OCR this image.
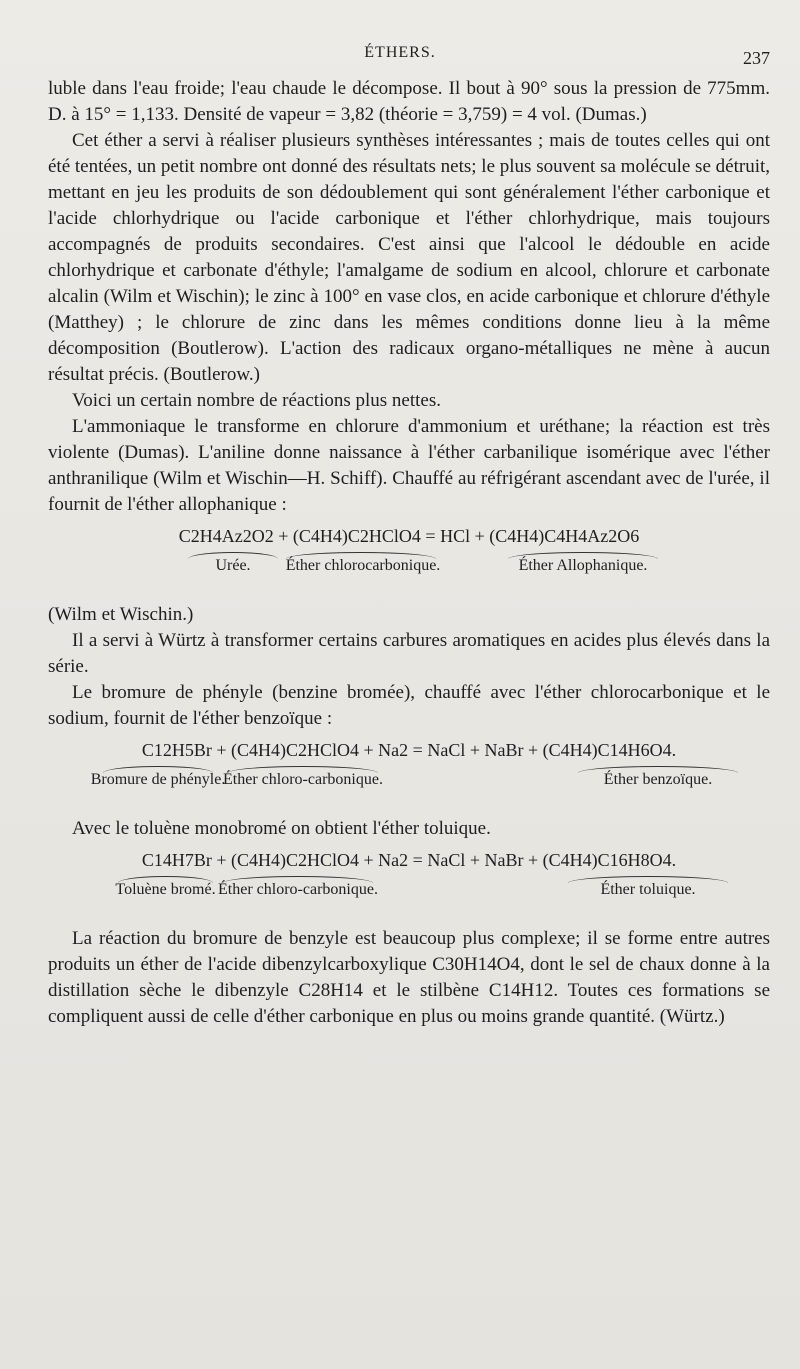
ÉTHERS.	237

luble dans l'eau froide; l'eau chaude le décompose. Il bout à 90° sous la pression de 775mm. D. à 15° = 1,133. Densité de vapeur = 3,82 (théorie = 3,759) = 4 vol. (Dumas.)

Cet éther a servi à réaliser plusieurs synthèses intéressantes ; mais de toutes celles qui ont été tentées, un petit nombre ont donné des résultats nets; le plus souvent sa molécule se détruit, mettant en jeu les produits de son dédoublement qui sont généralement l'éther carbonique et l'acide chlorhydrique ou l'acide carbonique et l'éther chlorhydrique, mais toujours accompagnés de produits secondaires. C'est ainsi que l'alcool le dédouble en acide chlorhydrique et carbonate d'éthyle; l'amalgame de sodium en alcool, chlorure et carbonate alcalin (Wilm et Wischin); le zinc à 100° en vase clos, en acide carbonique et chlorure d'éthyle (Matthey) ; le chlorure de zinc dans les mêmes conditions donne lieu à la même décomposition (Boutlerow). L'action des radicaux organo-métalliques ne mène à aucun résultat précis. (Boutlerow.)

Voici un certain nombre de réactions plus nettes.

L'ammoniaque le transforme en chlorure d'ammonium et uréthane; la réaction est très violente (Dumas). L'aniline donne naissance à l'éther carbanilique isomérique avec l'éther anthranilique (Wilm et Wischin—H. Schiff). Chauffé au réfrigérant ascendant avec de l'urée, il fournit de l'éther allophanique :

C2H4Az2O2 + (C4H4)C2HClO4 = HCl + (C4H4)C4H4Az2O6
Urée.	Éther chlorocarbonique.	Éther Allophanique.

(Wilm et Wischin.)

Il a servi à Würtz à transformer certains carbures aromatiques en acides plus élevés dans la série.

Le bromure de phényle (benzine bromée), chauffé avec l'éther chlorocarbonique et le sodium, fournit de l'éther benzoïque :

C12H5Br + (C4H4)C2HClO4 + Na2 = NaCl + NaBr + (C4H4)C14H6O4.
Bromure de phényle.
Éther chloro-carbonique.	Éther benzoïque.

Avec le toluène monobromé on obtient l'éther toluique.

C14H7Br + (C4H4)C2HClO4 + Na2 = NaCl + NaBr + (C4H4)C16H8O4.
Toluène bromé. Éther chloro-carbonique.	Éther toluique.

La réaction du bromure de benzyle est beaucoup plus complexe; il se forme entre autres produits un éther de l'acide dibenzylcarboxylique C30H14O4, dont le sel de chaux donne à la distillation sèche le dibenzyle C28H14 et le stilbène C14H12. Toutes ces formations se compliquent aussi de celle d'éther carbonique en plus ou moins grande quantité. (Würtz.)
